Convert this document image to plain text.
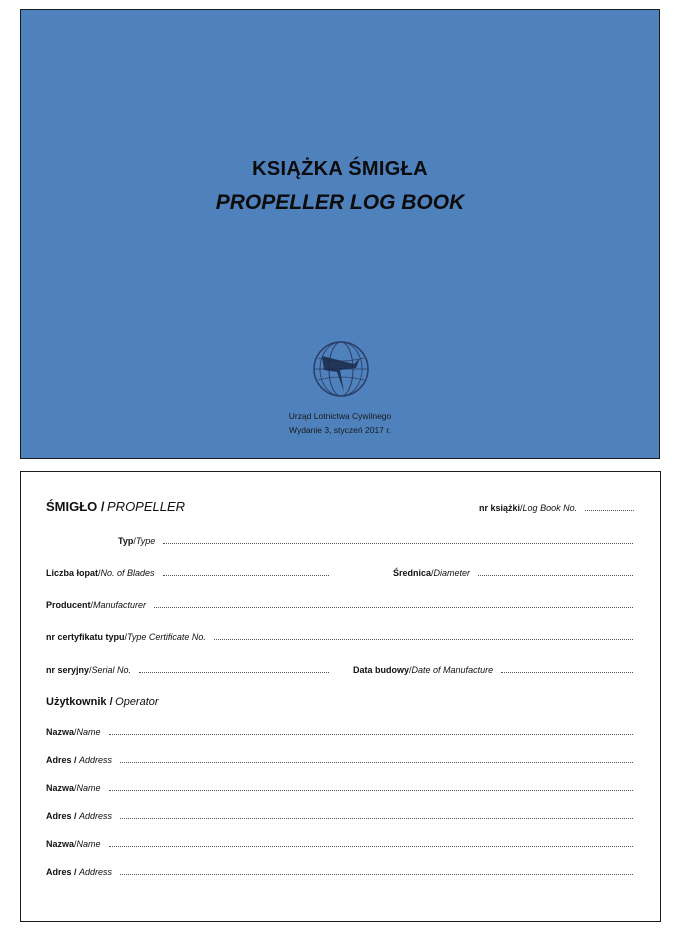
KSIĄŻKA ŚMIGŁA
PROPELLER LOG BOOK
Urząd Lotnictwa Cywilnego
Wydanie 3, styczeń 2017 r.
ŚMIGŁO /
PROPELLER	nr książki / Log Book No.
Typ / Type
Liczba łopat / No. of Blades	Średnica / Diameter
Producent / Manufacturer
nr certyfikatu typu / Type Certificate No.
nr seryjny / Serial No.	Data budowy / Date of Manufacture
Użytkownik /
Operator
Nazwa / Name
Adres /
Address
Nazwa / Name
Adres /
Address
Nazwa / Name
Adres /
Address
